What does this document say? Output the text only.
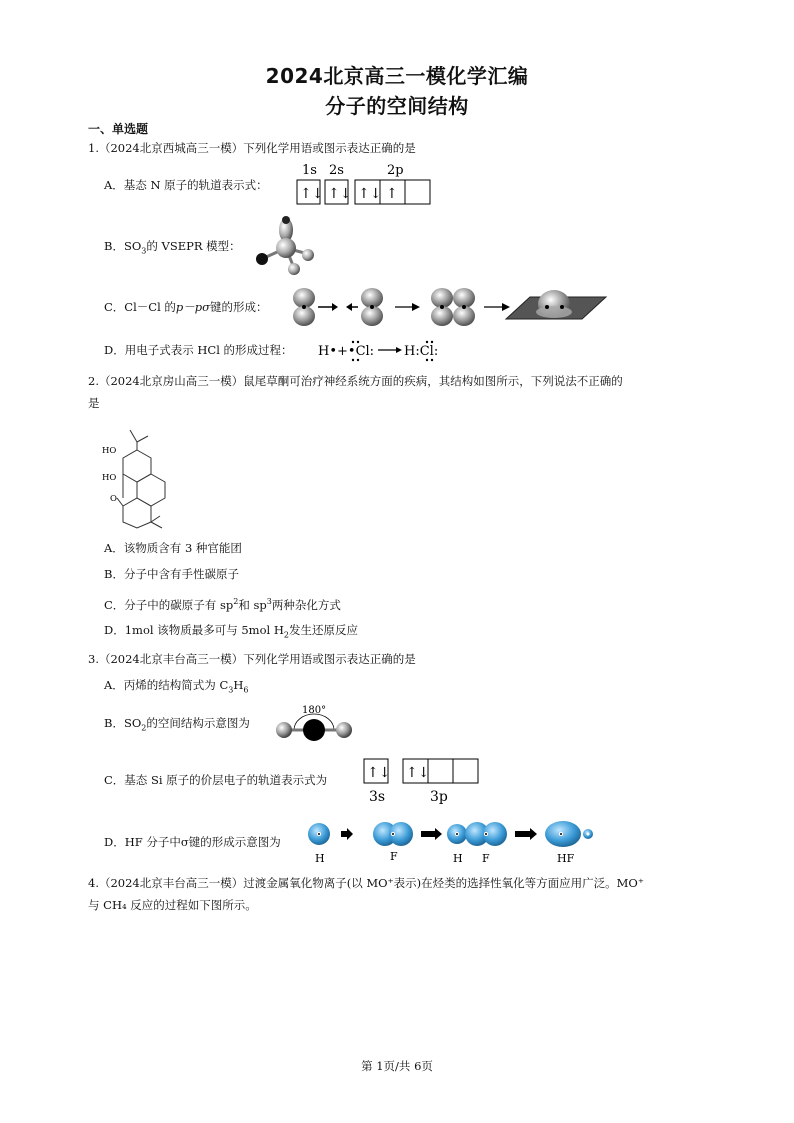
2024北京高三一模化学汇编
分子的空间结构
一、单选题
1.（2024北京西城高三一模）下列化学用语或图示表达正确的是
A．基态 N 原子的轨道表示式：
1s 2s	2p
↑↓ ↑↓ ↑↓ ↑
B．$SO_3$的 VSEPR 模型：
C．Cl－Cl 的p－pσ键的形成：
D．用电子式表示 HCl 的形成过程： H•+•Cl: H:Cl:
2.（2024北京房山高三一模）鼠尾草酮可治疗神经系统方面的疾病，其结构如图所示，下列说法不正确的
是
HO
HO
O
A．该物质含有 3 种官能团
B．分子中含有手性碳原子
C．分子中的碳原子有 $sp^2$和 $sp^3$两种杂化方式
D．1mol 该物质最多可与 5mol $H_2$发生还原反应
3.（2024北京丰台高三一模）下列化学用语或图示表达正确的是
A．丙烯的结构简式为 $C_3H_6$
B．$SO_2$的空间结构示意图为
180°
C．基态 Si 原子的价层电子的轨道表示式为	↑↓ ↑↓
3s	3p
D．HF 分子中σ键的形成示意图为
H	F	H F	HF
4.（2024北京丰台高三一模）过渡金属氧化物离子(以 MO⁺表示)在烃类的选择性氧化等方面应用广泛。MO⁺
与 CH₄ 反应的过程如下图所示。
第 1页/共 6页
